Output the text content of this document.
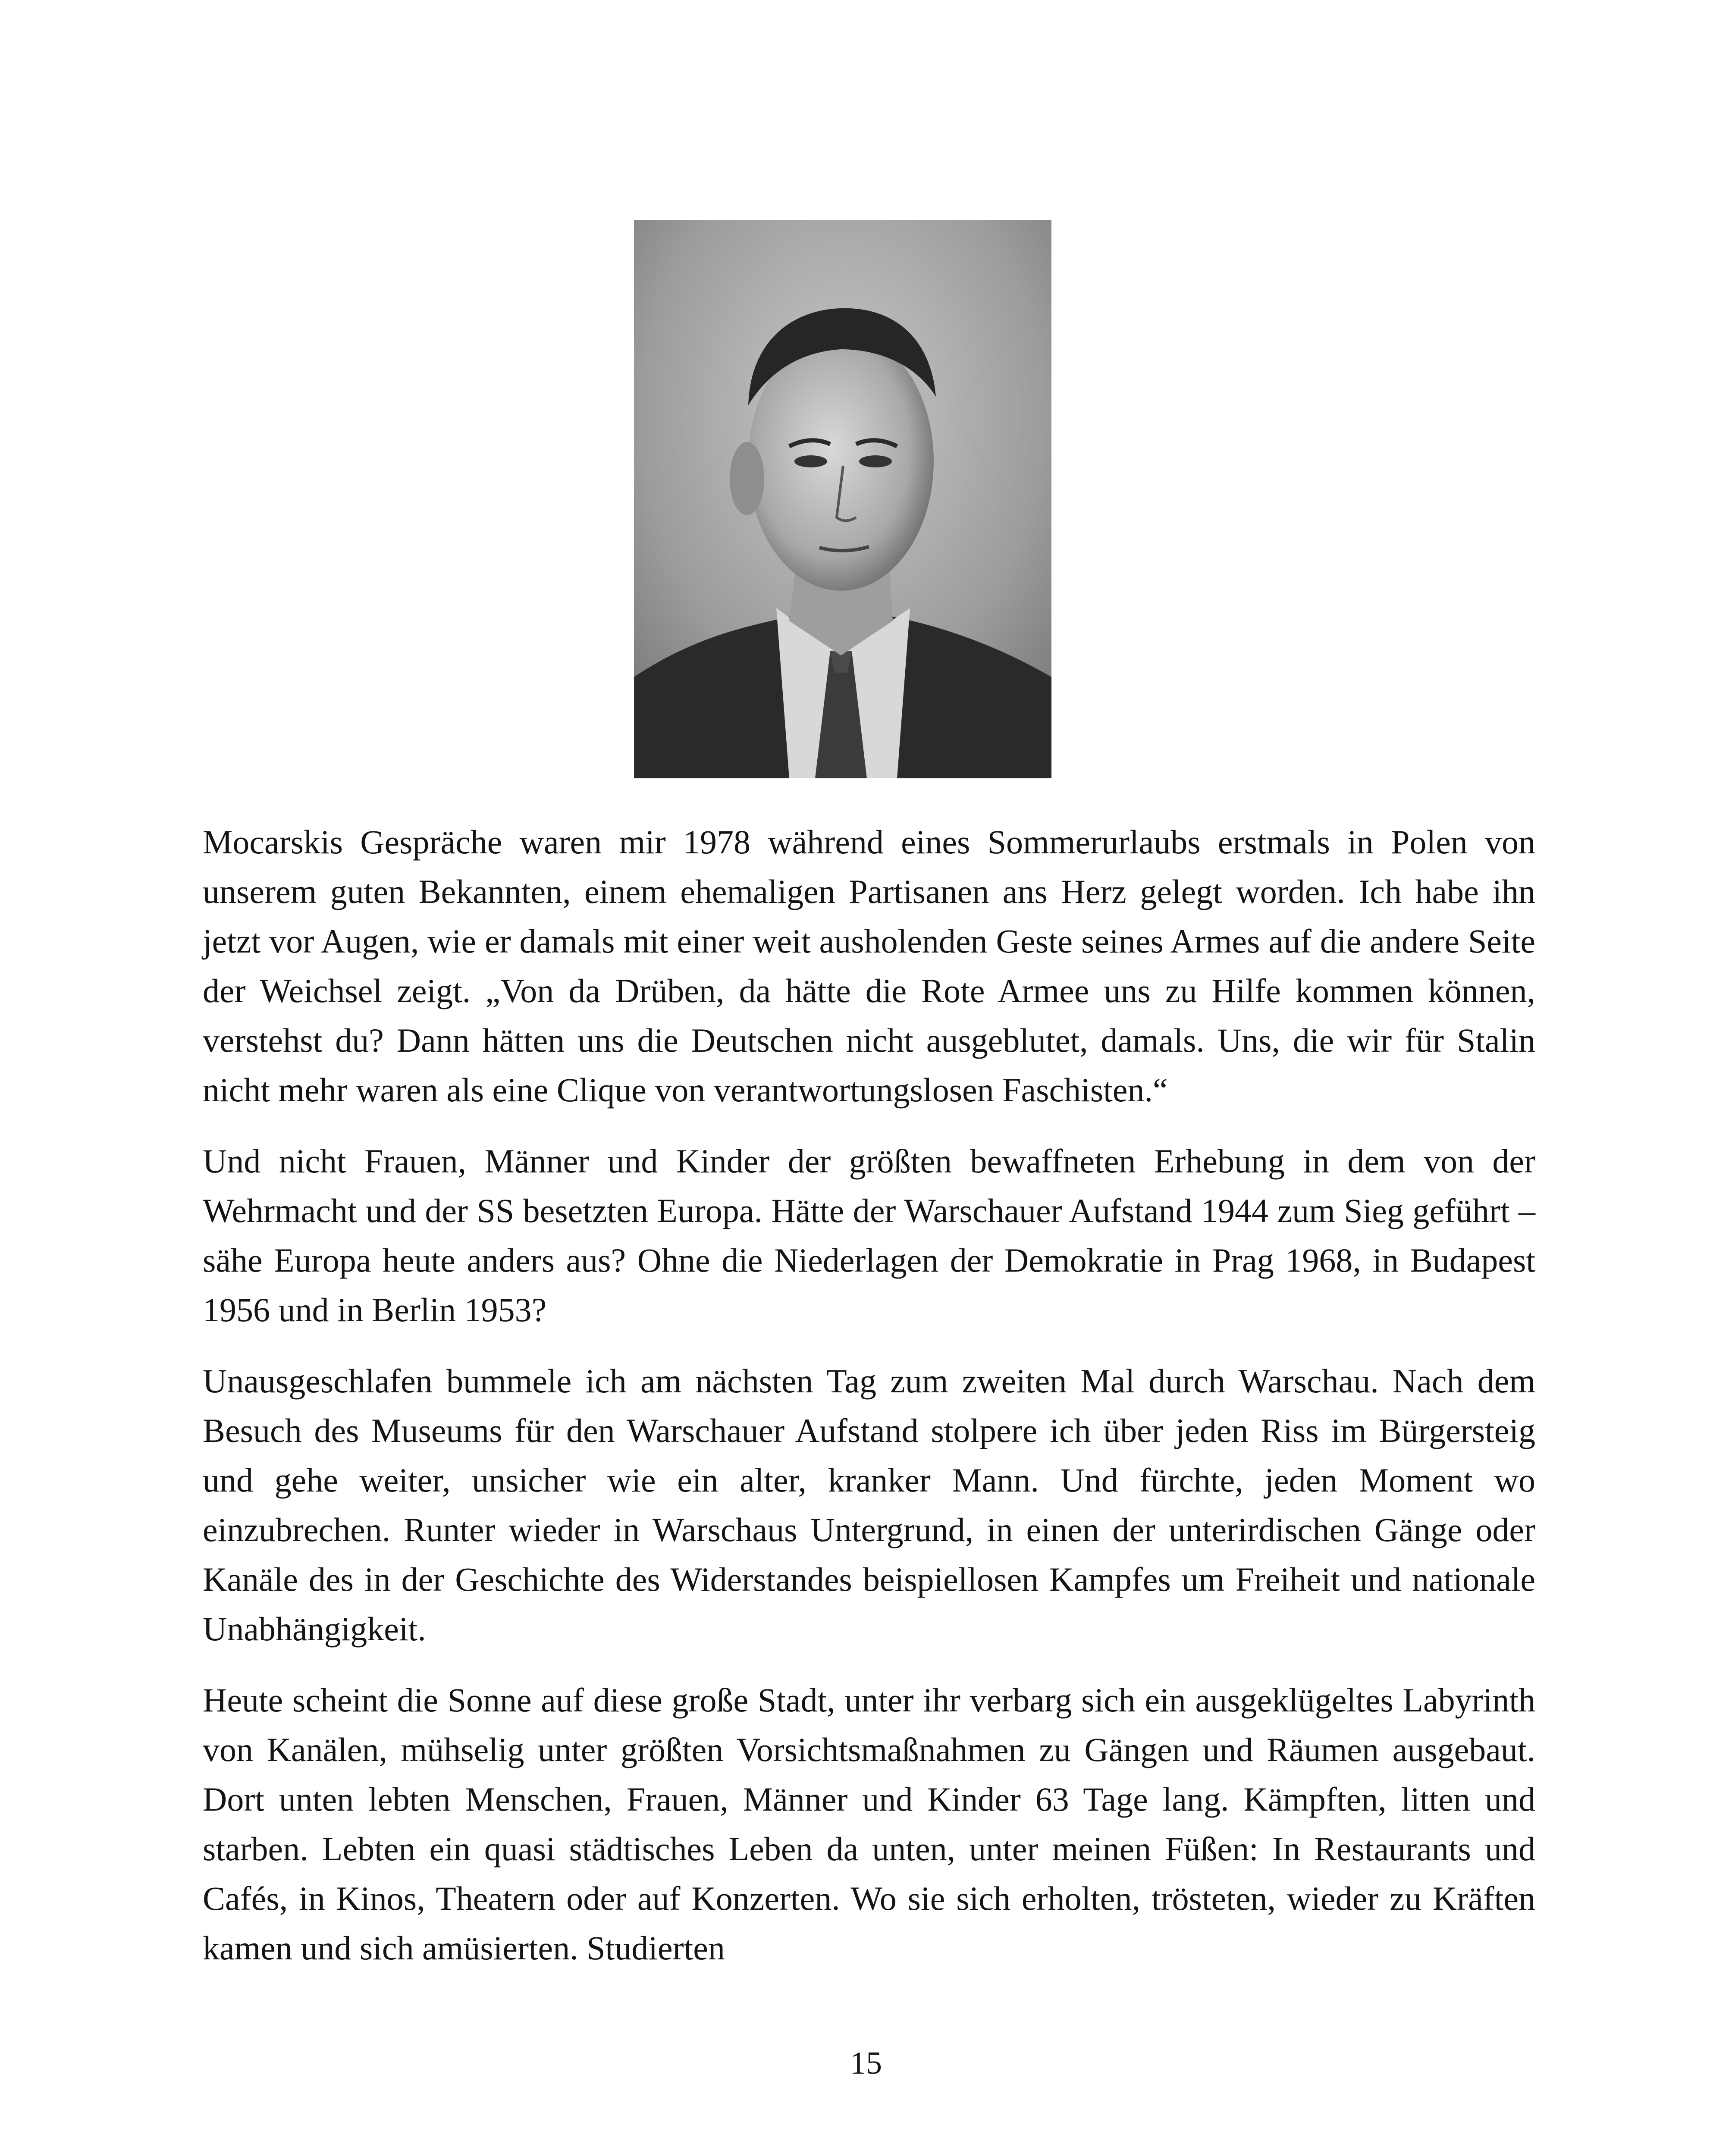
Mocarskis Gespräche waren mir 1978 während eines Sommerurlaubs erstmals in Polen von unserem guten Bekannten, einem ehemaligen Partisanen ans Herz gelegt worden. Ich habe ihn jetzt vor Augen, wie er damals mit einer weit ausholenden Geste seines Armes auf die andere Seite der Weichsel zeigt. „Von da Drüben, da hätte die Rote Armee uns zu Hilfe kommen können, verstehst du? Dann hätten uns die Deutschen nicht ausgeblutet, damals. Uns, die wir für Stalin nicht mehr waren als eine Clique von verantwortungslosen Faschisten.“

Und nicht Frauen, Männer und Kinder der größten bewaffneten Erhebung in dem von der Wehrmacht und der SS besetzten Europa. Hätte der Warschauer Aufstand 1944 zum Sieg geführt – sähe Europa heute anders aus? Ohne die Niederlagen der Demokratie in Prag 1968, in Budapest 1956 und in Berlin 1953?

Unausgeschlafen bummele ich am nächsten Tag zum zweiten Mal durch Warschau. Nach dem Besuch des Museums für den Warschauer Aufstand stolpere ich über jeden Riss im Bürgersteig und gehe weiter, unsicher wie ein alter, kranker Mann. Und fürchte, jeden Moment wo einzubrechen. Runter wieder in Warschaus Untergrund, in einen der unterirdischen Gänge oder Kanäle des in der Geschichte des Widerstandes beispiellosen Kampfes um Freiheit und nationale Unabhängigkeit.

Heute scheint die Sonne auf diese große Stadt, unter ihr verbarg sich ein ausgeklügeltes Labyrinth von Kanälen, mühselig unter größten Vorsichtsmaßnahmen zu Gängen und Räumen ausgebaut. Dort unten lebten Menschen, Frauen, Männer und Kinder 63 Tage lang. Kämpften, litten und starben. Lebten ein quasi städtisches Leben da unten, unter meinen Füßen: In Restaurants und Cafés, in Kinos, Theatern oder auf Konzerten. Wo sie sich erholten, trösteten, wieder zu Kräften kamen und sich amüsierten. Studierten

15
